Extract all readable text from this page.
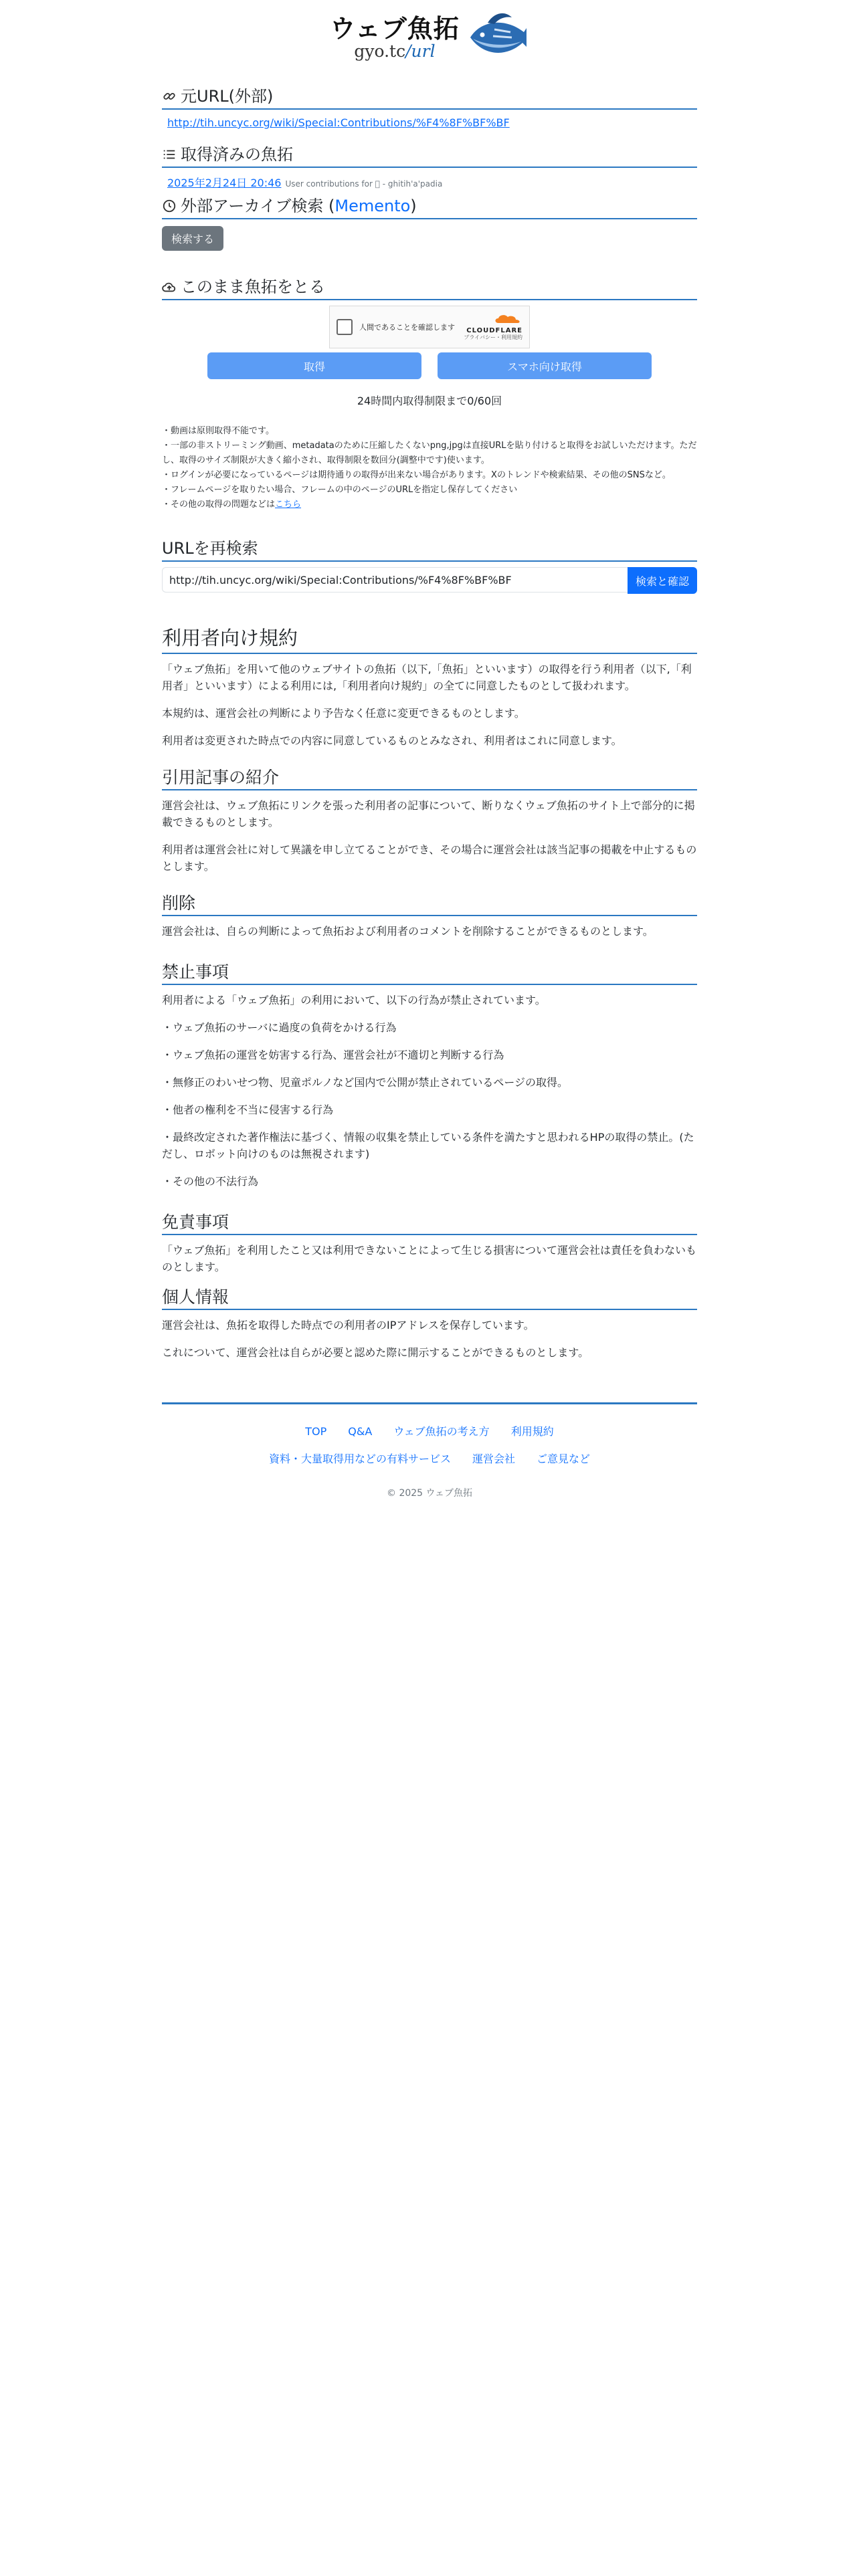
ウェブ魚拓
gyo.tc/url
元URL(外部)
http://tih.uncyc.org/wiki/Special:Contributions/%F4%8F%BF%BF
取得済みの魚拓
2025年2月24日 20:46 User contributions for 􏿿 - ghitih'a'padia
外部アーカイブ検索 (Memento)
検索する
このまま魚拓をとる
人間であることを確認します	CLOUDFLARE
プライバシー・利用規約
取得	スマホ向け取得
24時間内取得制限まで0/60回
・動画は原則取得不能です。
・一部の非ストリーミング動画、metadataのために圧縮したくないpng,jpgは直接URLを貼り付けると取得をお試しいただけます。ただし、取得のサイズ制限が大きく縮小され、取得制限を数回分(調整中です)使います。
・ログインが必要になっているページは期待通りの取得が出来ない場合があります。Xのトレンドや検索結果、その他のSNSなど。
・フレームページを取りたい場合、フレームの中のページのURLを指定し保存してください
・その他の取得の問題などはこちら
URLを再検索
http://tih.uncyc.org/wiki/Special:Contributions/%F4%8F%BF%BF
検索と確認
利用者向け規約

「ウェブ魚拓」を用いて他のウェブサイトの魚拓（以下,「魚拓」といいます）の取得を行う利用者（以下,「利用者」といいます）による利用には,「利用者向け規約」の全てに同意したものとして扱われます。

本規約は、運営会社の判断により予告なく任意に変更できるものとします。

利用者は変更された時点での内容に同意しているものとみなされ、利用者はこれに同意します。

引用記事の紹介

運営会社は、ウェブ魚拓にリンクを張った利用者の記事について、断りなくウェブ魚拓のサイト上で部分的に掲載できるものとします。

利用者は運営会社に対して異議を申し立てることができ、その場合に運営会社は該当記事の掲載を中止するものとします。

削除

運営会社は、自らの判断によって魚拓および利用者のコメントを削除することができるものとします。

禁止事項

利用者による「ウェブ魚拓」の利用において、以下の行為が禁止されています。

・ウェブ魚拓のサーバに過度の負荷をかける行為

・ウェブ魚拓の運営を妨害する行為、運営会社が不適切と判断する行為

・無修正のわいせつ物、児童ポルノなど国内で公開が禁止されているページの取得。

・他者の権利を不当に侵害する行為

・最終改定された著作権法に基づく、情報の収集を禁止している条件を満たすと思われるHPの取得の禁止。(ただし、ロボット向けのものは無視されます)

・その他の不法行為

免責事項

「ウェブ魚拓」を利用したこと又は利用できないことによって生じる損害について運営会社は責任を負わないものとします。

個人情報

運営会社は、魚拓を取得した時点での利用者のIPアドレスを保存しています。

これについて、運営会社は自らが必要と認めた際に開示することができるものとします。

TOP Q&A ウェブ魚拓の考え方 利用規約
資料・大量取得用などの有料サービス 運営会社 ご意見など
© 2025 ウェブ魚拓
